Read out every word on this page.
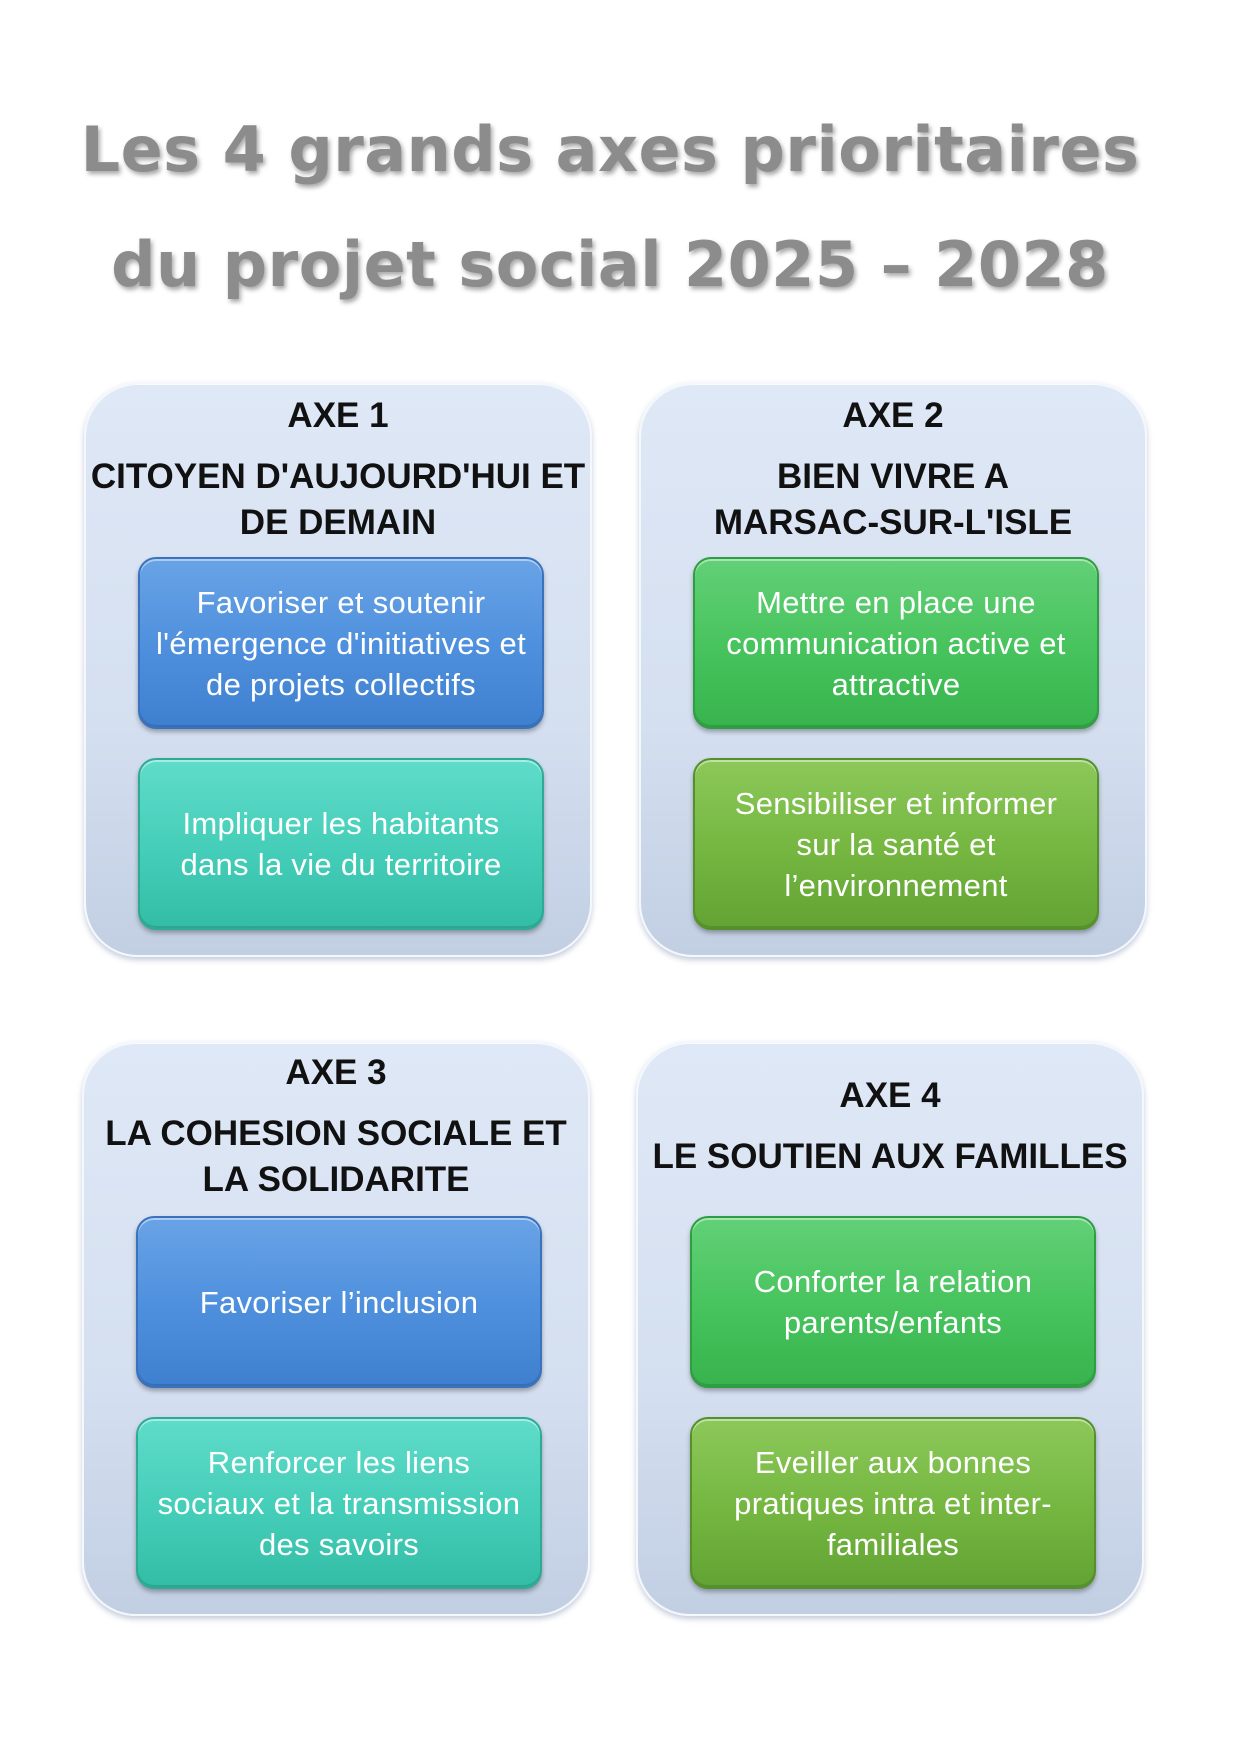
Les 4 grands axes prioritaires
du projet social 2025 – 2028
AXE 1
CITOYEN D'AUJOURD'HUI ET
DE DEMAIN
Favoriser et soutenir l'émergence d'initiatives et de projets collectifs
Impliquer les habitants dans la vie du territoire
AXE 2
BIEN VIVRE A
MARSAC-SUR-L'ISLE
Mettre en place une communication active et attractive
Sensibiliser et informer sur la santé et l’environnement
AXE 3
LA COHESION SOCIALE ET
LA SOLIDARITE
Favoriser l’inclusion
Renforcer les liens sociaux et la transmission des savoirs
AXE 4
LE SOUTIEN AUX FAMILLES
Conforter la relation parents/enfants
Eveiller aux bonnes pratiques intra et inter-familiales
